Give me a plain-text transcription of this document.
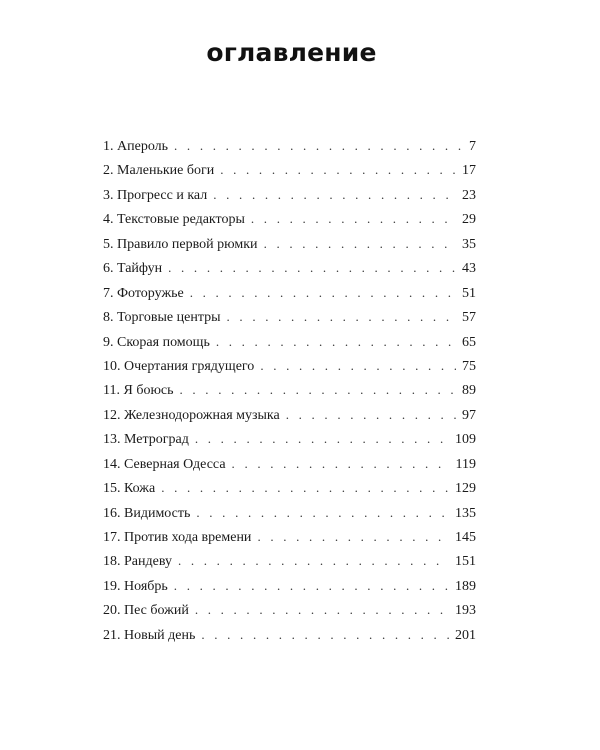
оглавление
1. Апероль . . .	7
2. Маленькие боги . . .	17
3. Прогресс и кал . . .	23
4. Текстовые редакторы . . .	29
5. Правило первой рюмки . . .	35
6. Тайфун . . .	43
7. Фоторужье . . .	51
8. Торговые центры . . .	57
9. Скорая помощь . . .	65
10. Очертания грядущего . . .	75
11. Я боюсь . . .	89
12. Железнодорожная музыка . . .	97
13. Метроград . . .	109
14. Северная Одесса . . .	119
15. Кожа . . .	129
16. Видимость . . .	135
17. Против хода времени . . .	145
18. Рандеву . . .	151
19. Ноябрь . . .	189
20. Пес божий . . .	193
21. Новый день . . .	201
